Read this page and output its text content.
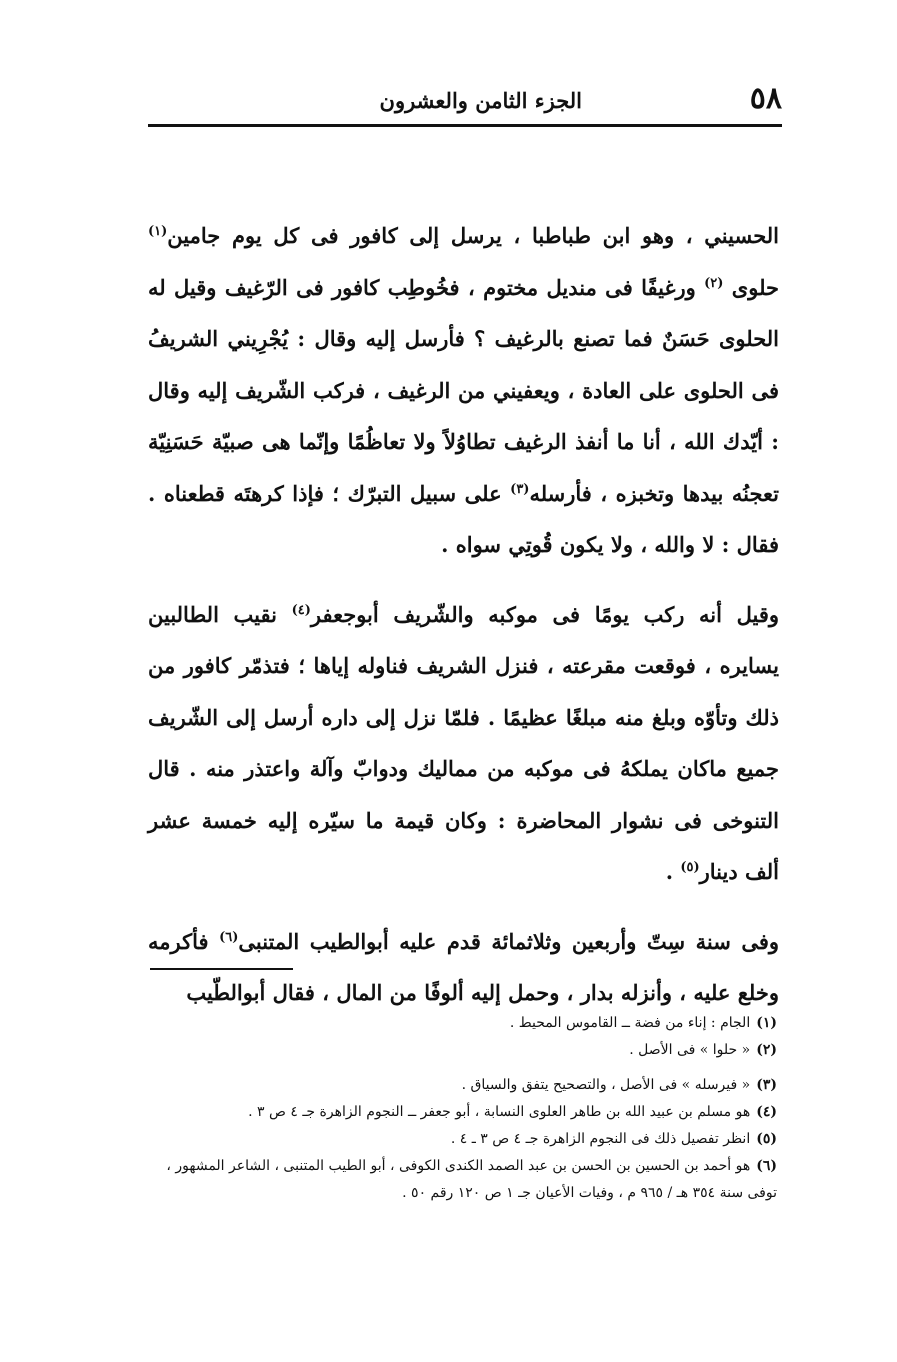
٥٨
الجزء الثامن والعشرون

الحسيني ، وهو ابن طباطبا ، يرسل إلى كافور فى كل يوم جامين$^{(١)}$ حلوى $^{(٢)}$ ورغيفًا فى منديل مختوم ، فخُوطِب كافور فى الرّغيف وقيل له الحلوى حَسَنٌ فما تصنع بالرغيف ؟ فأرسل إليه وقال : يُجْرِيني الشريفُ فى الحلوى على العادة ، ويعفيني من الرغيف ، فركب الشّريف إليه وقال : أيّدك الله ، أنا ما أنفذ الرغيف تطاوُلاً ولا تعاظُمًا وإنّما هى صبيّة حَسَنِيّة تعجنُه بيدها وتخبزه ، فأرسله$^{(٣)}$ على سبيل التبرّك ؛ فإذا كرهتَه قطعناه . فقال : لا والله ، ولا يكون قُوتِي سواه .

وقيل أنه ركب يومًا فى موكبه والشّريف أبوجعفر$^{(٤)}$ نقيب الطالبين يسايره ، فوقعت مقرعته ، فنزل الشريف فناوله إياها ؛ فتذمّر كافور من ذلك وتأوّه وبلغ منه مبلغًا عظيمًا . فلمّا نزل إلى داره أرسل إلى الشّريف جميع ماكان يملكهُ فى موكبه من مماليك ودوابّ وآلة واعتذر منه . قال التنوخى فى نشوار المحاضرة : وكان قيمة ما سيّره إليه خمسة عشر ألف دينار$^{(٥)}$ .

وفى سنة سِتّ وأربعين وثلاثمائة قدم عليه أبوالطيب المتنبى$^{(٦)}$ فأكرمه وخلع عليه ، وأنزله بدار ، وحمل إليه ألوفًا من المال ، فقال أبوالطّيب

(١)الجام : إناء من فضة ــ القاموس المحيط .

(٢)« حلوا » فى الأصل .

(٣)« فيرسله » فى الأصل ، والتصحيح يتفق والسياق .

(٤)هو مسلم بن عبيد الله بن طاهر العلوى النسابة ، أبو جعفر ــ النجوم الزاهرة جـ ٤ ص ٣ .

(٥)انظر تفصيل ذلك فى النجوم الزاهرة جـ ٤ ص ٣ ـ ٤ .

(٦)هو أحمد بن الحسين بن الحسن بن عبد الصمد الكندى الكوفى ، أبو الطيب المتنبى ، الشاعر المشهور ، توفى سنة ٣٥٤ هـ / ٩٦٥ م ، وفيات الأعيان جـ ١ ص ١٢٠ رقم ٥٠ .
